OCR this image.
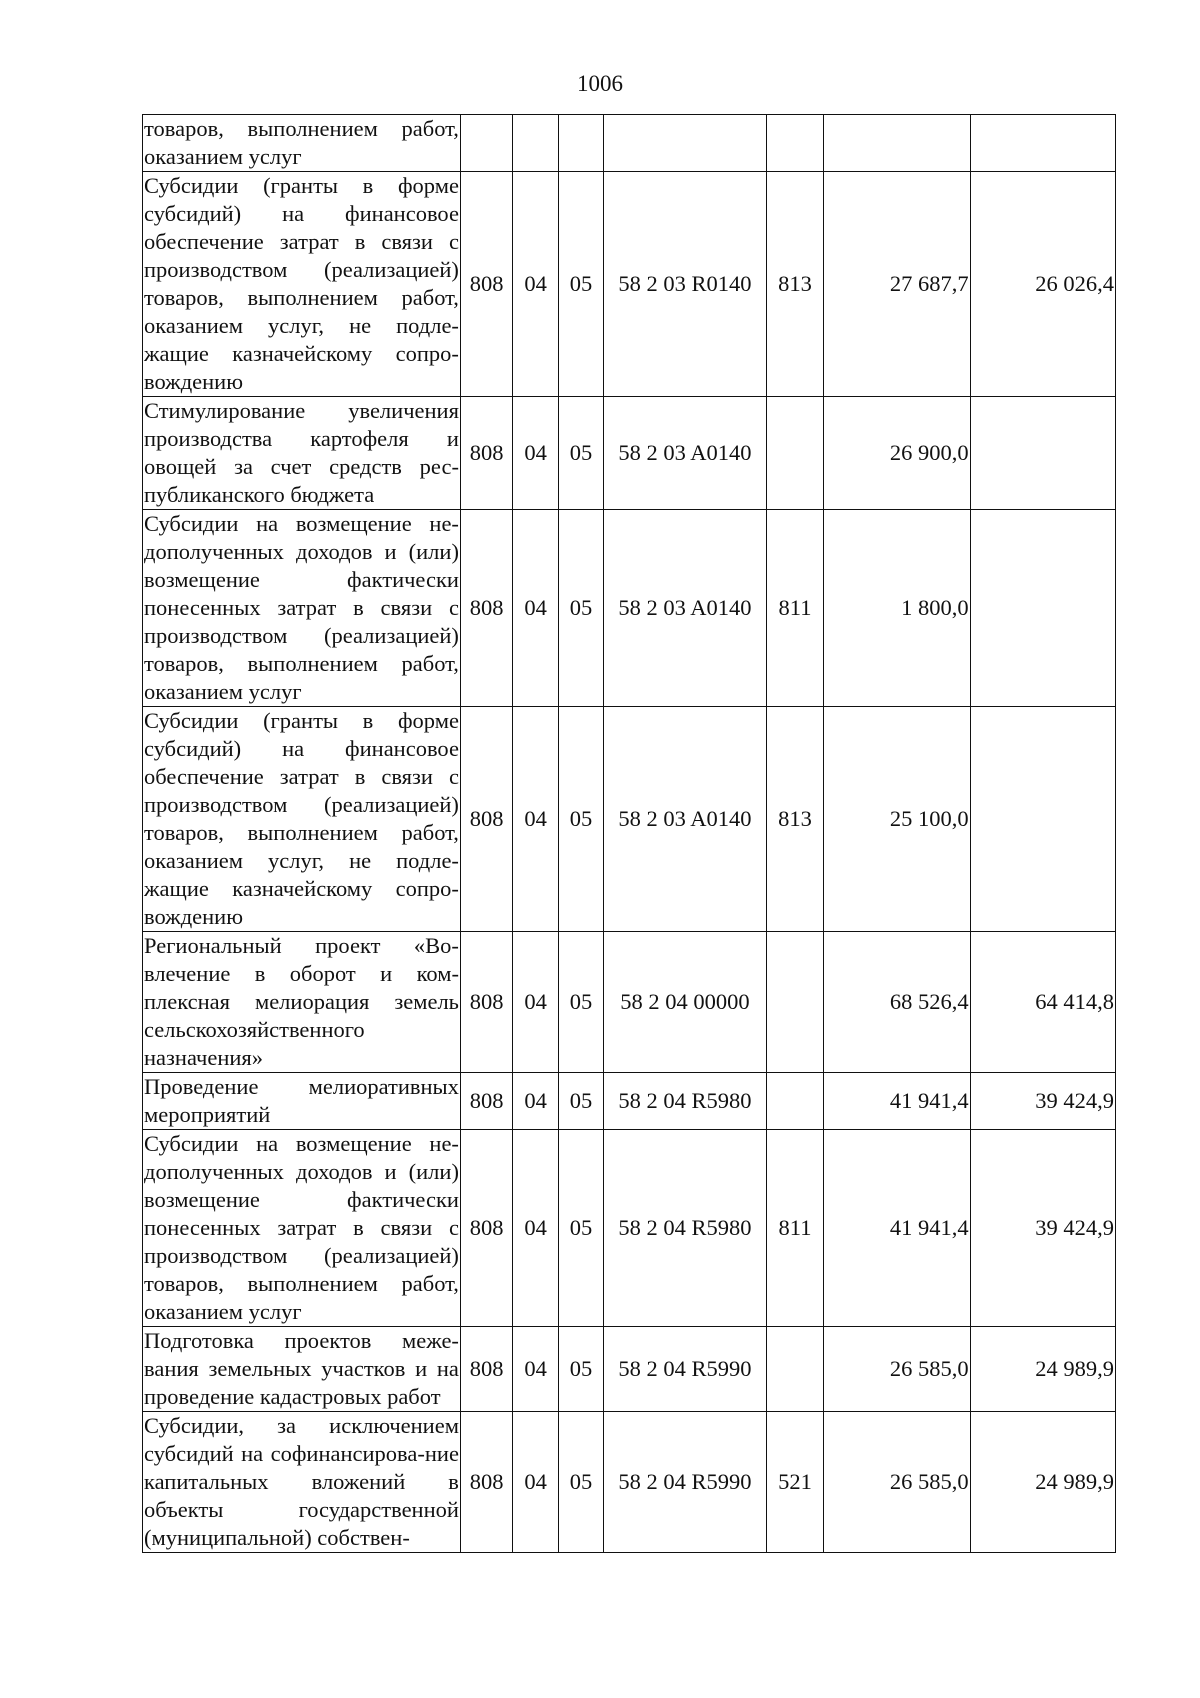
1006
товаров, выполнением работ, оказанием услуг							
Субсидии (гранты в форме субсидий) на финансовое обеспечение затрат в связи с производством (реализацией) товаров, выполнением работ, оказанием услуг, не подле-жащие казначейскому сопро-вождению	808	04	05	58 2 03 R0140	813	27 687,7	26 026,4
Стимулирование увеличения производства картофеля и овощей за счет средств рес-публиканского бюджета	808	04	05	58 2 03 A0140		26 900,0	
Субсидии на возмещение не-дополученных доходов и (или) возмещение фактически понесенных затрат в связи с производством (реализацией) товаров, выполнением работ, оказанием услуг	808	04	05	58 2 03 A0140	811	1 800,0	
Субсидии (гранты в форме субсидий) на финансовое обеспечение затрат в связи с производством (реализацией) товаров, выполнением работ, оказанием услуг, не подле-жащие казначейскому сопро-вождению	808	04	05	58 2 03 A0140	813	25 100,0	
Региональный проект «Во-влечение в оборот и ком-плексная мелиорация земель сельскохозяйственного назначения»	808	04	05	58 2 04 00000		68 526,4	64 414,8
Проведение мелиоративных мероприятий	808	04	05	58 2 04 R5980		41 941,4	39 424,9
Субсидии на возмещение не-дополученных доходов и (или) возмещение фактически понесенных затрат в связи с производством (реализацией) товаров, выполнением работ, оказанием услуг	808	04	05	58 2 04 R5980	811	41 941,4	39 424,9
Подготовка проектов меже-вания земельных участков и на проведение кадастровых работ	808	04	05	58 2 04 R5990		26 585,0	24 989,9
Субсидии, за исключением субсидий на софинансирова-ние капитальных вложений в объекты государственной (муниципальной) собствен-	808	04	05	58 2 04 R5990	521	26 585,0	24 989,9
